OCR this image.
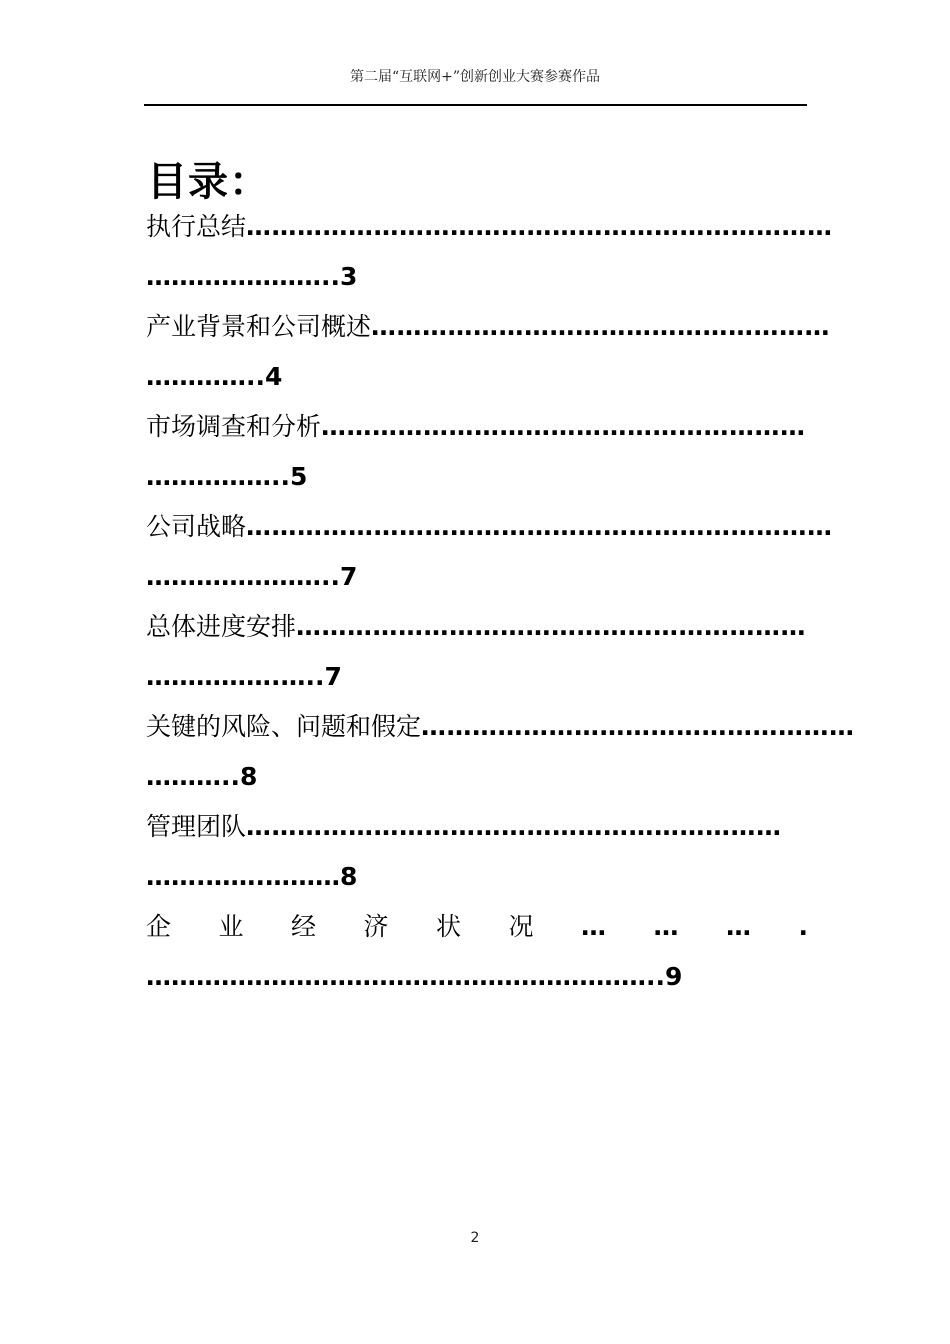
第二届“互联网+”创新创业大赛参赛作品
目录：
执行总结……………………………………………………………
…………………..3
产业背景和公司概述………………………………………………
…………..4
市场调查和分析…………………………………………………
……………..5
公司战略……………………………………………………………
…………………..7
总体进度安排……………………………………………………
…………….…..7
关键的风险、问题和假定……………………………………………
………..8
管理团队………………………………………………………
…….…….………8
企 业 经 济 状 况 … … … .
……………………………………………………..9
2
